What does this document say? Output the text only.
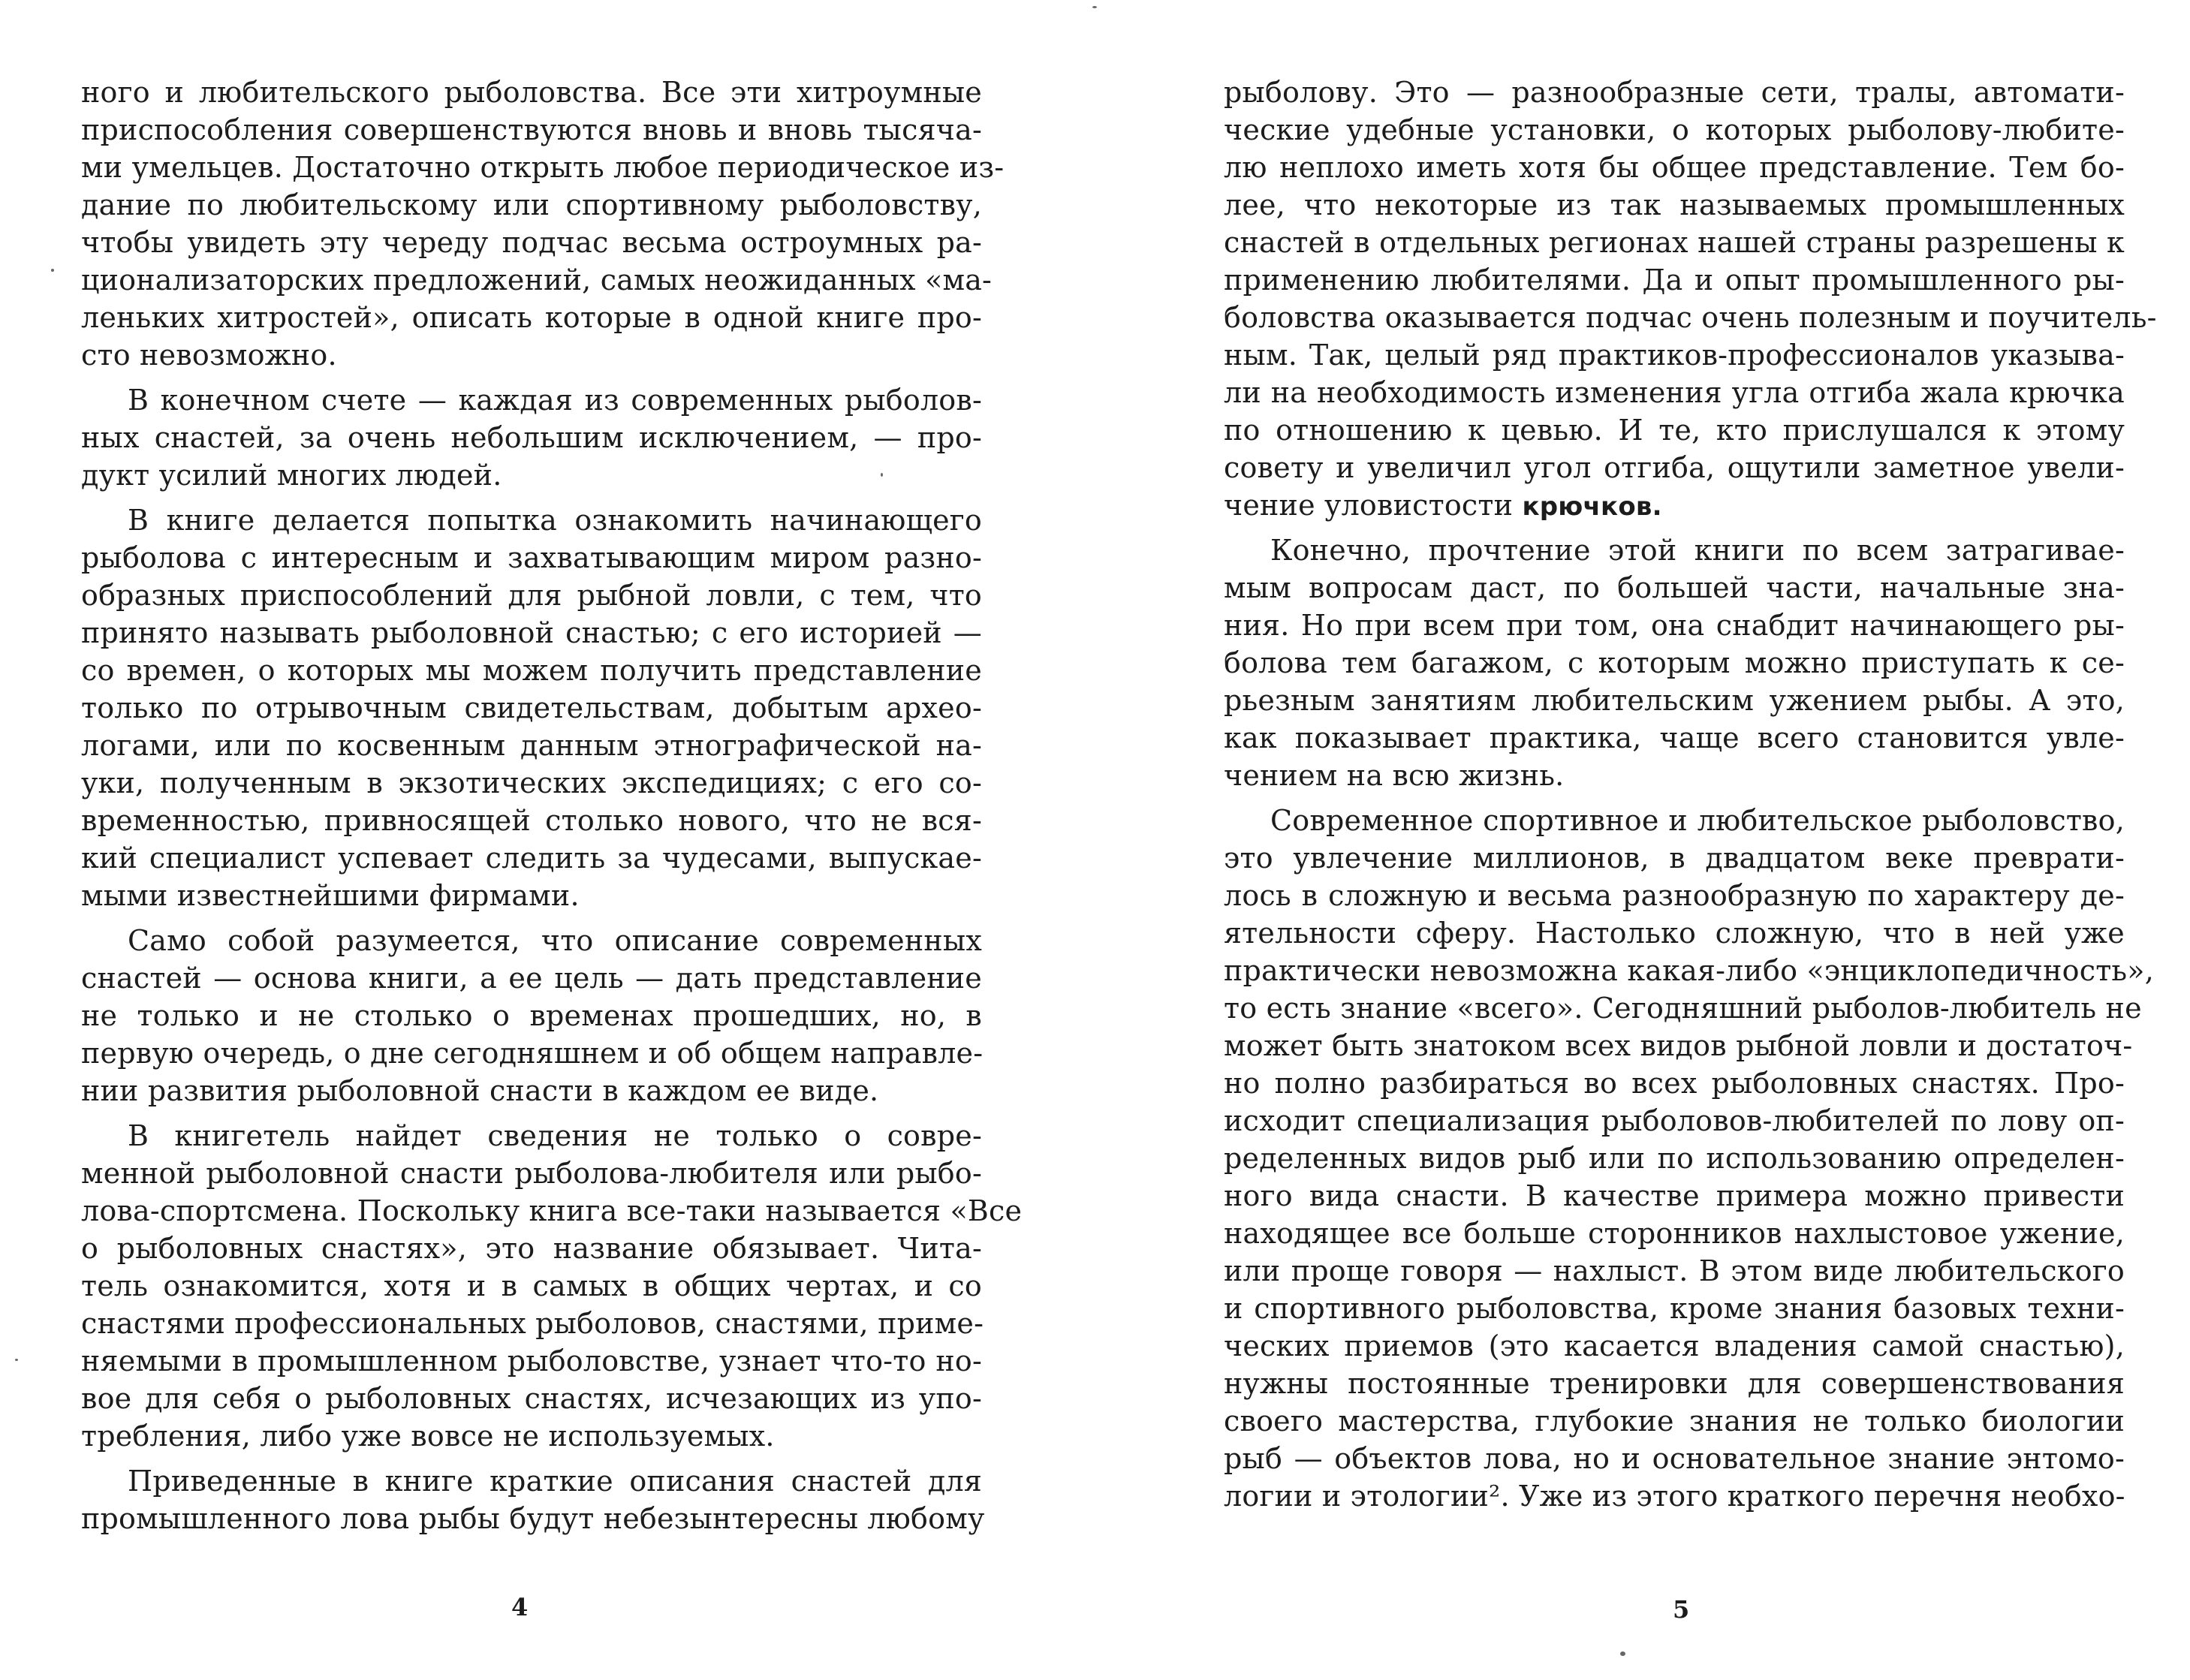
ного и любительского рыболовства. Все эти хитроумные
приспособления совершенствуются вновь и вновь тысяча-
ми умельцев. Достаточно открыть любое периодическое из-
дание по любительскому или спортивному рыболовству,
чтобы увидеть эту череду подчас весьма остроумных ра-
ционализаторских предложений, самых неожиданных «ма-
леньких хитростей», описать которые в одной книге про-
сто невозможно.
В конечном счете — каждая из современных рыболов-
ных снастей, за очень небольшим исключением, — про-
дукт усилий многих людей.
В книге делается попытка ознакомить начинающего
рыболова с интересным и захватывающим миром разно-
образных приспособлений для рыбной ловли, с тем, что
принято называть рыболовной снастью; с его историей —
со времен, о которых мы можем получить представление
только по отрывочным свидетельствам, добытым архео-
логами, или по косвенным данным этнографической на-
уки, полученным в экзотических экспедициях; с его со-
временностью, привносящей столько нового, что не вся-
кий специалист успевает следить за чудесами, выпускае-
мыми известнейшими фирмами.
Само собой разумеется, что описание современных
снастей — основа книги, а ее цель — дать представление
не только и не столько о временах прошедших, но, в
первую очередь, о дне сегодняшнем и об общем направле-
нии развития рыболовной снасти в каждом ее виде.
В книгетель найдет сведения не только о совре-
менной рыболовной снасти рыболова-любителя или рыбо-
лова-спортсмена. Поскольку книга все-таки называется «Все
о рыболовных снастях», это название обязывает. Чита-
тель ознакомится, хотя и в самых в общих чертах, и со
снастями профессиональных рыболовов, снастями, приме-
няемыми в промышленном рыболовстве, узнает что-то но-
вое для себя о рыболовных снастях, исчезающих из упо-
требления, либо уже вовсе не используемых.
Приведенные в книге краткие описания снастей для
промышленного лова рыбы будут небезынтересны любому
рыболову. Это — разнообразные сети, тралы, автомати-
ческие удебные установки, о которых рыболову-любите-
лю неплохо иметь хотя бы общее представление. Тем бо-
лее, что некоторые из так называемых промышленных
снастей в отдельных регионах нашей страны разрешены к
применению любителями. Да и опыт промышленного ры-
боловства оказывается подчас очень полезным и поучитель-
ным. Так, целый ряд практиков-профессионалов указыва-
ли на необходимость изменения угла отгиба жала крючка
по отношению к цевью. И те, кто прислушался к этому
совету и увеличил угол отгиба, ощутили заметное увели-
чение уловистости крючков.
Конечно, прочтение этой книги по всем затрагивае-
мым вопросам даст, по большей части, начальные зна-
ния. Но при всем при том, она снабдит начинающего ры-
болова тем багажом, с которым можно приступать к се-
рьезным занятиям любительским ужением рыбы. А это,
как показывает практика, чаще всего становится увле-
чением на всю жизнь.
Современное спортивное и любительское рыболовство,
это увлечение миллионов, в двадцатом веке преврати-
лось в сложную и весьма разнообразную по характеру де-
ятельности сферу. Настолько сложную, что в ней уже
практически невозможна какая-либо «энциклопедичность»,
то есть знание «всего». Сегодняшний рыболов-любитель не
может быть знатоком всех видов рыбной ловли и достаточ-
но полно разбираться во всех рыболовных снастях. Про-
исходит специализация рыболовов-любителей по лову оп-
ределенных видов рыб или по использованию определен-
ного вида снасти. В качестве примера можно привести
находящее все больше сторонников нахлыстовое ужение,
или проще говоря — нахлыст. В этом виде любительского
и спортивного рыболовства, кроме знания базовых техни-
ческих приемов (это касается владения самой снастью),
нужны постоянные тренировки для совершенствования
своего мастерства, глубокие знания не только биологии
рыб — объектов лова, но и основательное знание энтомо-
логии и этологии². Уже из этого краткого перечня необхо-
4	5
